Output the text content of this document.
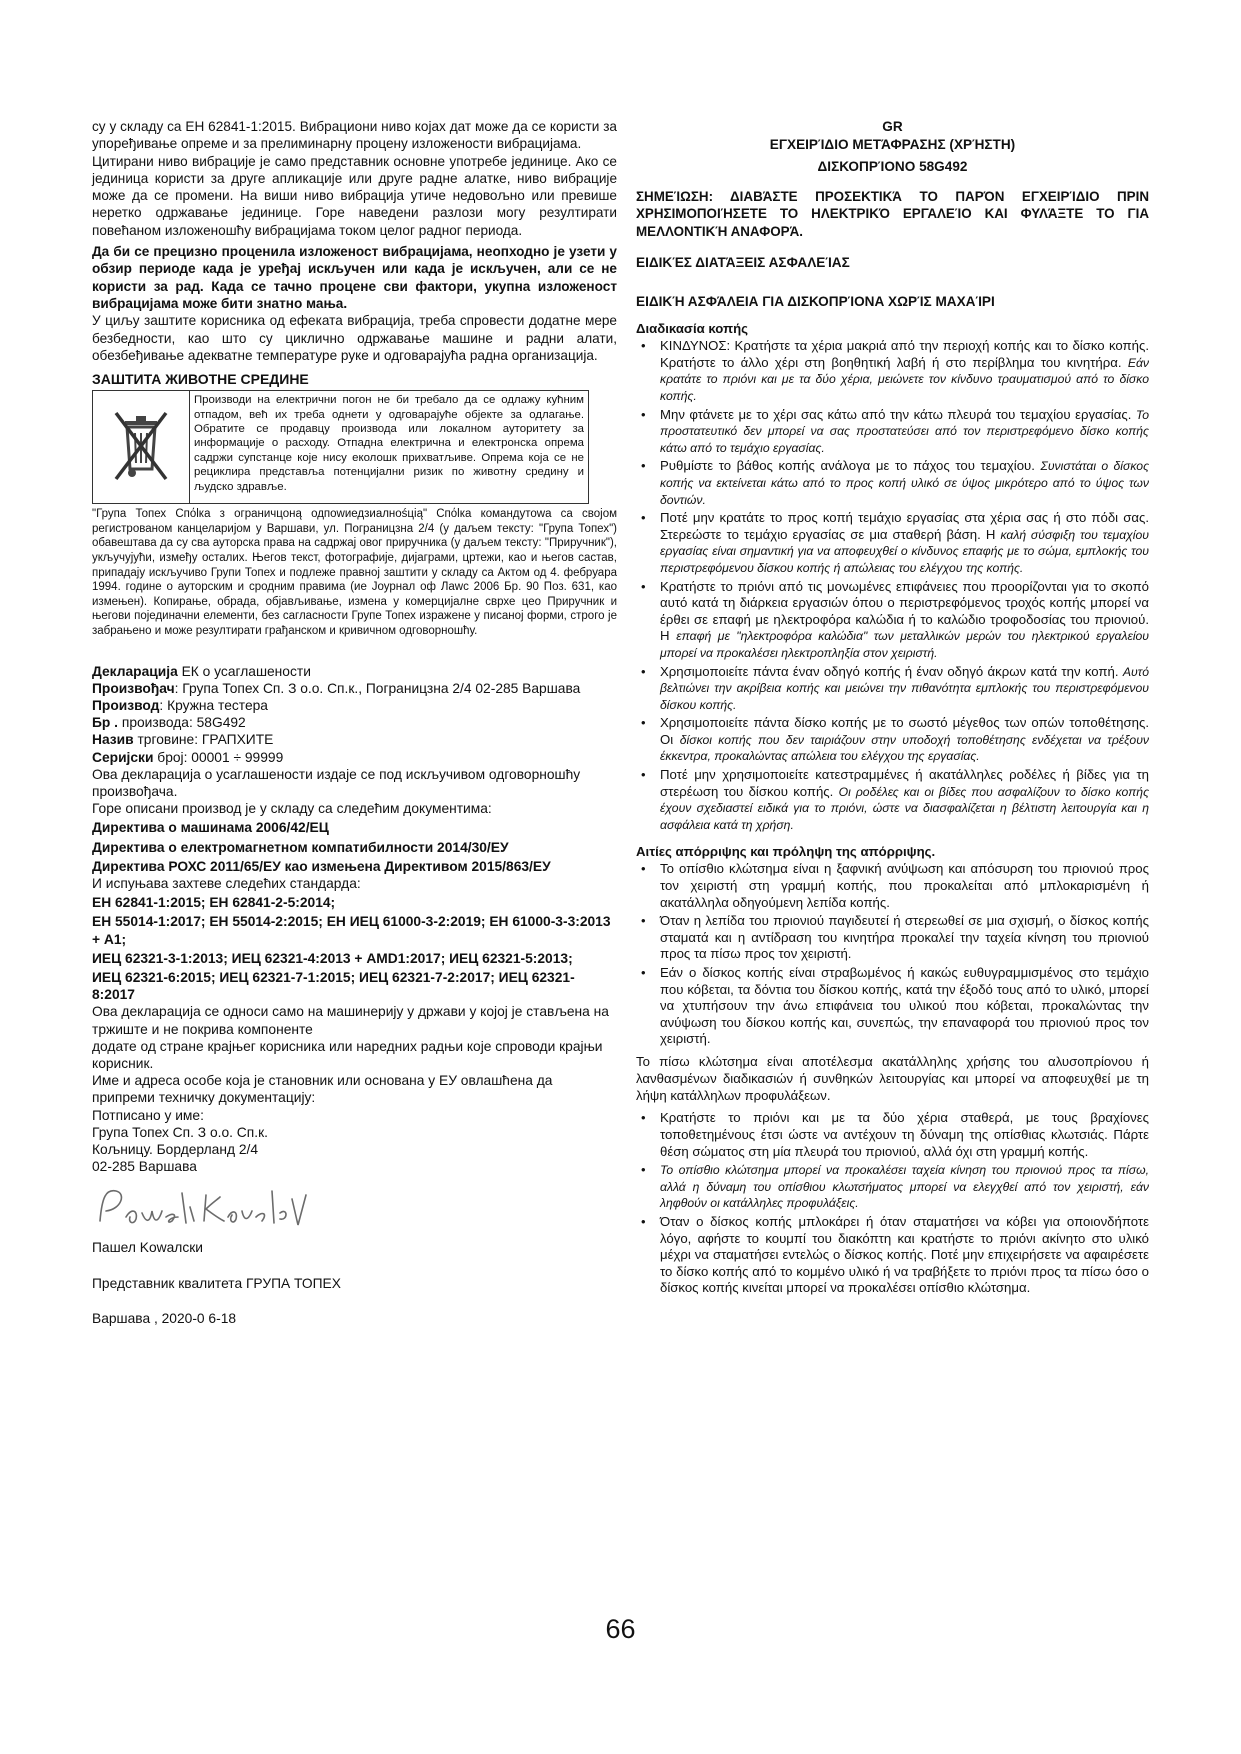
су у складу са ЕН 62841-1:2015. Вибрациони ниво којax дат може да се користи за упоређивање опреме и за прелиминарну процену изложености вибрацијама.

Цитирани ниво вибрације је само представник основне употребе јединице. Ако се јединица користи за друге апликације или друге радне алатке, ниво вибрације може да се промени. На виши ниво вибрација утиче недовољно или превише неретко одржавање јединице. Горе наведени разлози могу резултирати повећаном изложеношћу вибрацијама током целог радног периода.

Да би се прецизно проценила изложеност вибрацијама, неопходно је узети у обзир периоде када је уређај искључен или када је искључен, али се не користи за рад. Када се тачно процене сви фактори, укупна изложеност вибрацијама може бити знатно мања.

У циљу заштите корисника од ефеката вибрација, треба спровести додатне мере безбедности, као што су циклично одржавање машине и радни алати, обезбеђивање адекватне температуре руке и одговарајућа радна организација.

ЗАШТИТА ЖИВОТНЕ СРЕДИНЕ
Производи на електрични погон не би требало да се одлажу кућним отпадом, већ их треба однети у одговарајуће објекте за одлагање. Обратите се продавцу производа или локалном ауторитету за информације о расходу. Отпадна електрична и електронска опрема садржи супстанце које нису еколошк прихватљиве. Опрема која се не рециклира представља потенцијални ризик по животну средину и људско здравље.

"Група Топех Спόlка з ограничцонą одпоwиедзиалноśцią" Спόlка командутоwа са својом регистрованом канцеларијом у Варшави, ул. Пограницзна 2/4 (у даљем тексту: "Група Топех") обавештава да су сва ауторска права на садржај овог приручника (у даљем тексту: "Приручник"), укључујући, између осталих. Његов текст, фотографије, дијаграми, цртежи, као и његов састав, припадају искључиво Групи Топех и подлеже правној заштити у складу са Актом од 4. фебруара 1994. године о ауторским и сродним правима (ие Јоурнал оф Лаwс 2006 Бр. 90 Поз. 631, као измењен). Копирање, обрада, објављивање, измена у комерцијалне сврхе цео Приручник и његови појединачни елементи, без сагласности Групе Топех изражене у писаној форми, строго је забрањено и може резултирати грађанском и кривичном одговорношћу.

Декларација ЕК о усаглашености

Произвођач: Група Топех Сп. З о.о. Сп.к., Пограницзна 2/4 02-285 Варшава

Производ: Кружна тестера

Бр . производа: 58G492

Назив трговине: ГРАПХИТЕ

Серијски број: 00001 ÷ 99999

Ова декларација о усаглашености издаје се под искључивом одговорношћу произвођача.

Горе описани производ је у складу са следећим документима:

Директива о машинама 2006/42/ЕЦ

Директива о електромагнетном компатибилности 2014/30/ЕУ

Директива РОХС 2011/65/ЕУ као измењена Директивом 2015/863/ЕУ

И испуњава захтеве следећих стандарда:

ЕН 62841-1:2015; ЕН 62841-2-5:2014;

ЕН 55014-1:2017; ЕН 55014-2:2015; ЕН ИЕЦ 61000-3-2:2019; ЕН 61000-3-3:2013 + А1;

ИЕЦ 62321-3-1:2013; ИЕЦ 62321-4:2013 + АМD1:2017; ИЕЦ 62321-5:2013;

ИЕЦ 62321-6:2015; ИЕЦ 62321-7-1:2015; ИЕЦ 62321-7-2:2017; ИЕЦ 62321-8:2017

Ова декларација се односи само на машинерију у држави у којој је стављена на тржиште и не покрива компоненте

додате од стране крајњег корисника или наредних радњи које спроводи крајњи корисник.

Име и адреса особе која је становник или основана у ЕУ овлашћена да припреми техничку документацију:

Потписано у име:

Група Топех Сп. З о.о. Сп.к.

Кољницу. Бордерланд 2/4

02-285 Варшава

Пашел Kowалски

Представник квалитета ГРУПА ТОПЕХ

Варшава , 2020-0 6-18

GR

ΕΓΧΕΙΡΊΔΙΟ ΜΕΤΆΦΡΑΣΗΣ (ΧΡΉΣΤΗ)

ΔΙΣΚΟΠΡΊΟΝΟ 58G492

ΣΗΜΕΊΩΣΗ: ΔΙΑΒΆΣΤΕ ΠΡΟΣΕΚΤΙΚΆ ΤΟ ΠΑΡΌΝ ΕΓΧΕΙΡΊΔΙΟ ΠΡΙΝ ΧΡΗΣΙΜΟΠΟΙΉΣΕΤΕ ΤΟ ΗΛΕΚΤΡΙΚΌ ΕΡΓΑΛΕΊΟ ΚΑΙ ΦΥΛΆΞΤΕ ΤΟ ΓΙΑ ΜΕΛΛΟΝΤΙΚΉ ΑΝΑΦΟΡΆ.

ΕΙΔΙΚΈΣ ΔΙΑΤΆΞΕΙΣ ΑΣΦΑΛΕΊΑΣ

ΕΙΔΙΚΉ ΑΣΦΆΛΕΙΑ ΓΙΑ ΔΙΣΚΟΠΡΊΟΝΑ ΧΩΡΊΣ ΜΑΧΑΊΡΙ

Διαδικασία κοπής

• ΚΙΝΔΥΝΟΣ: Κρατήστε τα χέρια μακριά από την περιοχή κοπής και το δίσκο κοπής. Κρατήστε το άλλο χέρι στη βοηθητική λαβή ή στο περίβλημα του κινητήρα. Εάν κρατάτε το πριόνι και με τα δύο χέρια, μειώνετε τον κίνδυνο τραυματισμού από το δίσκο κοπής.
• Μην φτάνετε με το χέρι σας κάτω από την κάτω πλευρά του τεμαχίου εργασίας. Το προστατευτικό δεν μπορεί να σας προστατεύσει από τον περιστρεφόμενο δίσκο κοπής κάτω από το τεμάχιο εργασίας.
• Ρυθμίστε το βάθος κοπής ανάλογα με το πάχος του τεμαχίου. Συνιστάται ο δίσκος κοπής να εκτείνεται κάτω από το προς κοπή υλικό σε ύψος μικρότερο από το ύψος των δοντιών.
• Ποτέ μην κρατάτε το προς κοπή τεμάχιο εργασίας στα χέρια σας ή στο πόδι σας. Στερεώστε το τεμάχιο εργασίας σε μια σταθερή βάση. Η καλή σύσφιξη του τεμαχίου εργασίας είναι σημαντική για να αποφευχθεί ο κίνδυνος επαφής με το σώμα, εμπλοκής του περιστρεφόμενου δίσκου κοπής ή απώλειας του ελέγχου της κοπής.
• Κρατήστε το πριόνι από τις μονωμένες επιφάνειες που προορίζονται για το σκοπό αυτό κατά τη διάρκεια εργασιών όπου ο περιστρεφόμενος τροχός κοπής μπορεί να έρθει σε επαφή με ηλεκτροφόρα καλώδια ή το καλώδιο τροφοδοσίας του πριονιού. Η επαφή με "ηλεκτροφόρα καλώδια" των μεταλλικών μερών του ηλεκτρικού εργαλείου μπορεί να προκαλέσει ηλεκτροπληξία στον χειριστή.
• Χρησιμοποιείτε πάντα έναν οδηγό κοπής ή έναν οδηγό άκρων κατά την κοπή. Αυτό βελτιώνει την ακρίβεια κοπής και μειώνει την πιθανότητα εμπλοκής του περιστρεφόμενου δίσκου κοπής.
• Χρησιμοποιείτε πάντα δίσκο κοπής με το σωστό μέγεθος των οπών τοποθέτησης. Οι δίσκοι κοπής που δεν ταιριάζουν στην υποδοχή τοποθέτησης ενδέχεται να τρέξουν έκκεντρα, προκαλώντας απώλεια του ελέγχου της εργασίας.
• Ποτέ μην χρησιμοποιείτε κατεστραμμένες ή ακατάλληλες ροδέλες ή βίδες για τη στερέωση του δίσκου κοπής. Οι ροδέλες και οι βίδες που ασφαλίζουν το δίσκο κοπής έχουν σχεδιαστεί ειδικά για το πριόνι, ώστε να διασφαλίζεται η βέλτιστη λειτουργία και η ασφάλεια κατά τη χρήση.

Αιτίες απόρριψης και πρόληψη της απόρριψης.

• Το οπίσθιο κλώτσημα είναι η ξαφνική ανύψωση και απόσυρση του πριονιού προς τον χειριστή στη γραμμή κοπής, που προκαλείται από μπλοκαρισμένη ή ακατάλληλα οδηγούμενη λεπίδα κοπής.
• Όταν η λεπίδα του πριονιού παγιδευτεί ή στερεωθεί σε μια σχισμή, ο δίσκος κοπής σταματά και η αντίδραση του κινητήρα προκαλεί την ταχεία κίνηση του πριονιού προς τα πίσω προς τον χειριστή.
• Εάν ο δίσκος κοπής είναι στραβωμένος ή κακώς ευθυγραμμισμένος στο τεμάχιο που κόβεται, τα δόντια του δίσκου κοπής, κατά την έξοδό τους από το υλικό, μπορεί να χτυπήσουν την άνω επιφάνεια του υλικού που κόβεται, προκαλώντας την ανύψωση του δίσκου κοπής και, συνεπώς, την επαναφορά του πριονιού προς τον χειριστή.

Το πίσω κλώτσημα είναι αποτέλεσμα ακατάλληλης χρήσης του αλυσοπρίονου ή λανθασμένων διαδικασιών ή συνθηκών λειτουργίας και μπορεί να αποφευχθεί με τη λήψη κατάλληλων προφυλάξεων.

• Κρατήστε το πριόνι και με τα δύο χέρια σταθερά, με τους βραχίονες τοποθετημένους έτσι ώστε να αντέχουν τη δύναμη της οπίσθιας κλωτσιάς. Πάρτε θέση σώματος στη μία πλευρά του πριονιού, αλλά όχι στη γραμμή κοπής.
• Το οπίσθιο κλώτσημα μπορεί να προκαλέσει ταχεία κίνηση του πριονιού προς τα πίσω, αλλά η δύναμη του οπίσθιου κλωτσήματος μπορεί να ελεγχθεί από τον χειριστή, εάν ληφθούν οι κατάλληλες προφυλάξεις.
• Όταν ο δίσκος κοπής μπλοκάρει ή όταν σταματήσει να κόβει για οποιονδήποτε λόγο, αφήστε το κουμπί του διακόπτη και κρατήστε το πριόνι ακίνητο στο υλικό μέχρι να σταματήσει εντελώς ο δίσκος κοπής. Ποτέ μην επιχειρήσετε να αφαιρέσετε το δίσκο κοπής από το κομμένο υλικό ή να τραβήξετε το πριόνι προς τα πίσω όσο ο δίσκος κοπής κινείται μπορεί να προκαλέσει οπίσθιο κλώτσημα.
66
